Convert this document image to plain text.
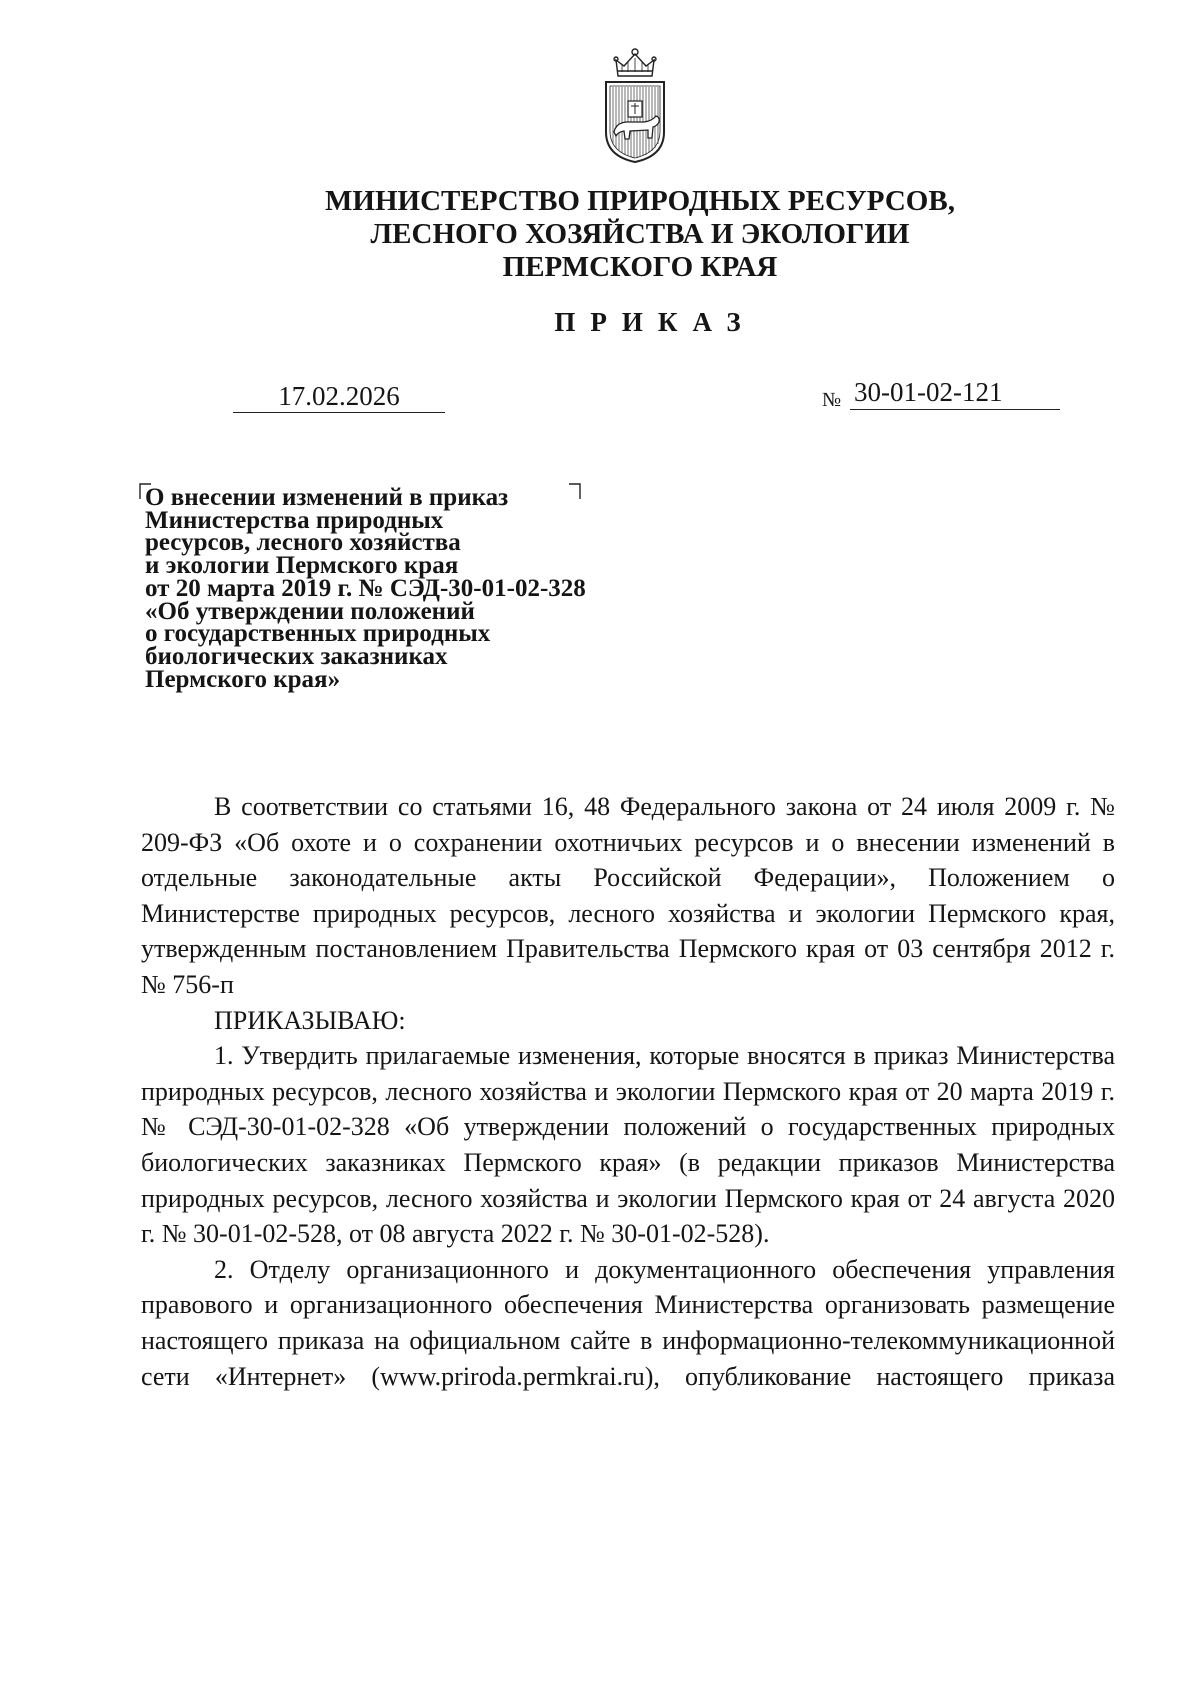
МИНИСТЕРСТВО ПРИРОДНЫХ РЕСУРСОВ,
ЛЕСНОГО ХОЗЯЙСТВА И ЭКОЛОГИИ
ПЕРМСКОГО КРАЯ
ПРИКАЗ
17.02.2026	№ 30-01-02-121
О внесении изменений в приказ
Министерства природных
ресурсов, лесного хозяйства
и экологии Пермского края
от 20 марта 2019 г. № СЭД-30-01-02-328
«Об утверждении положений
о государственных природных
биологических заказниках
Пермского края»

В соответствии со статьями 16, 48 Федерального закона от 24 июля 2009 г. № 209-ФЗ «Об охоте и о сохранении охотничьих ресурсов и о внесении изменений в отдельные законодательные акты Российской Федерации», Положением о Министерстве природных ресурсов, лесного хозяйства и экологии Пермского края, утвержденным постановлением Правительства Пермского края от 03 сентября 2012 г. № 756-п

ПРИКАЗЫВАЮ:

1. Утвердить прилагаемые изменения, которые вносятся в приказ Министерства природных ресурсов, лесного хозяйства и экологии Пермского края от 20 марта 2019 г. № СЭД-30-01-02-328 «Об утверждении положений о государственных природных биологических заказниках Пермского края» (в редакции приказов Министерства природных ресурсов, лесного хозяйства и экологии Пермского края от 24 августа 2020 г. № 30-01-02-528, от 08 августа 2022 г. № 30-01-02-528).

2. Отделу организационного и документационного обеспечения управления правового и организационного обеспечения Министерства организовать размещение настоящего приказа на официальном сайте в информационно-телекоммуникационной сети «Интернет» (www.priroda.permkrai.ru), опубликование настоящего приказа
